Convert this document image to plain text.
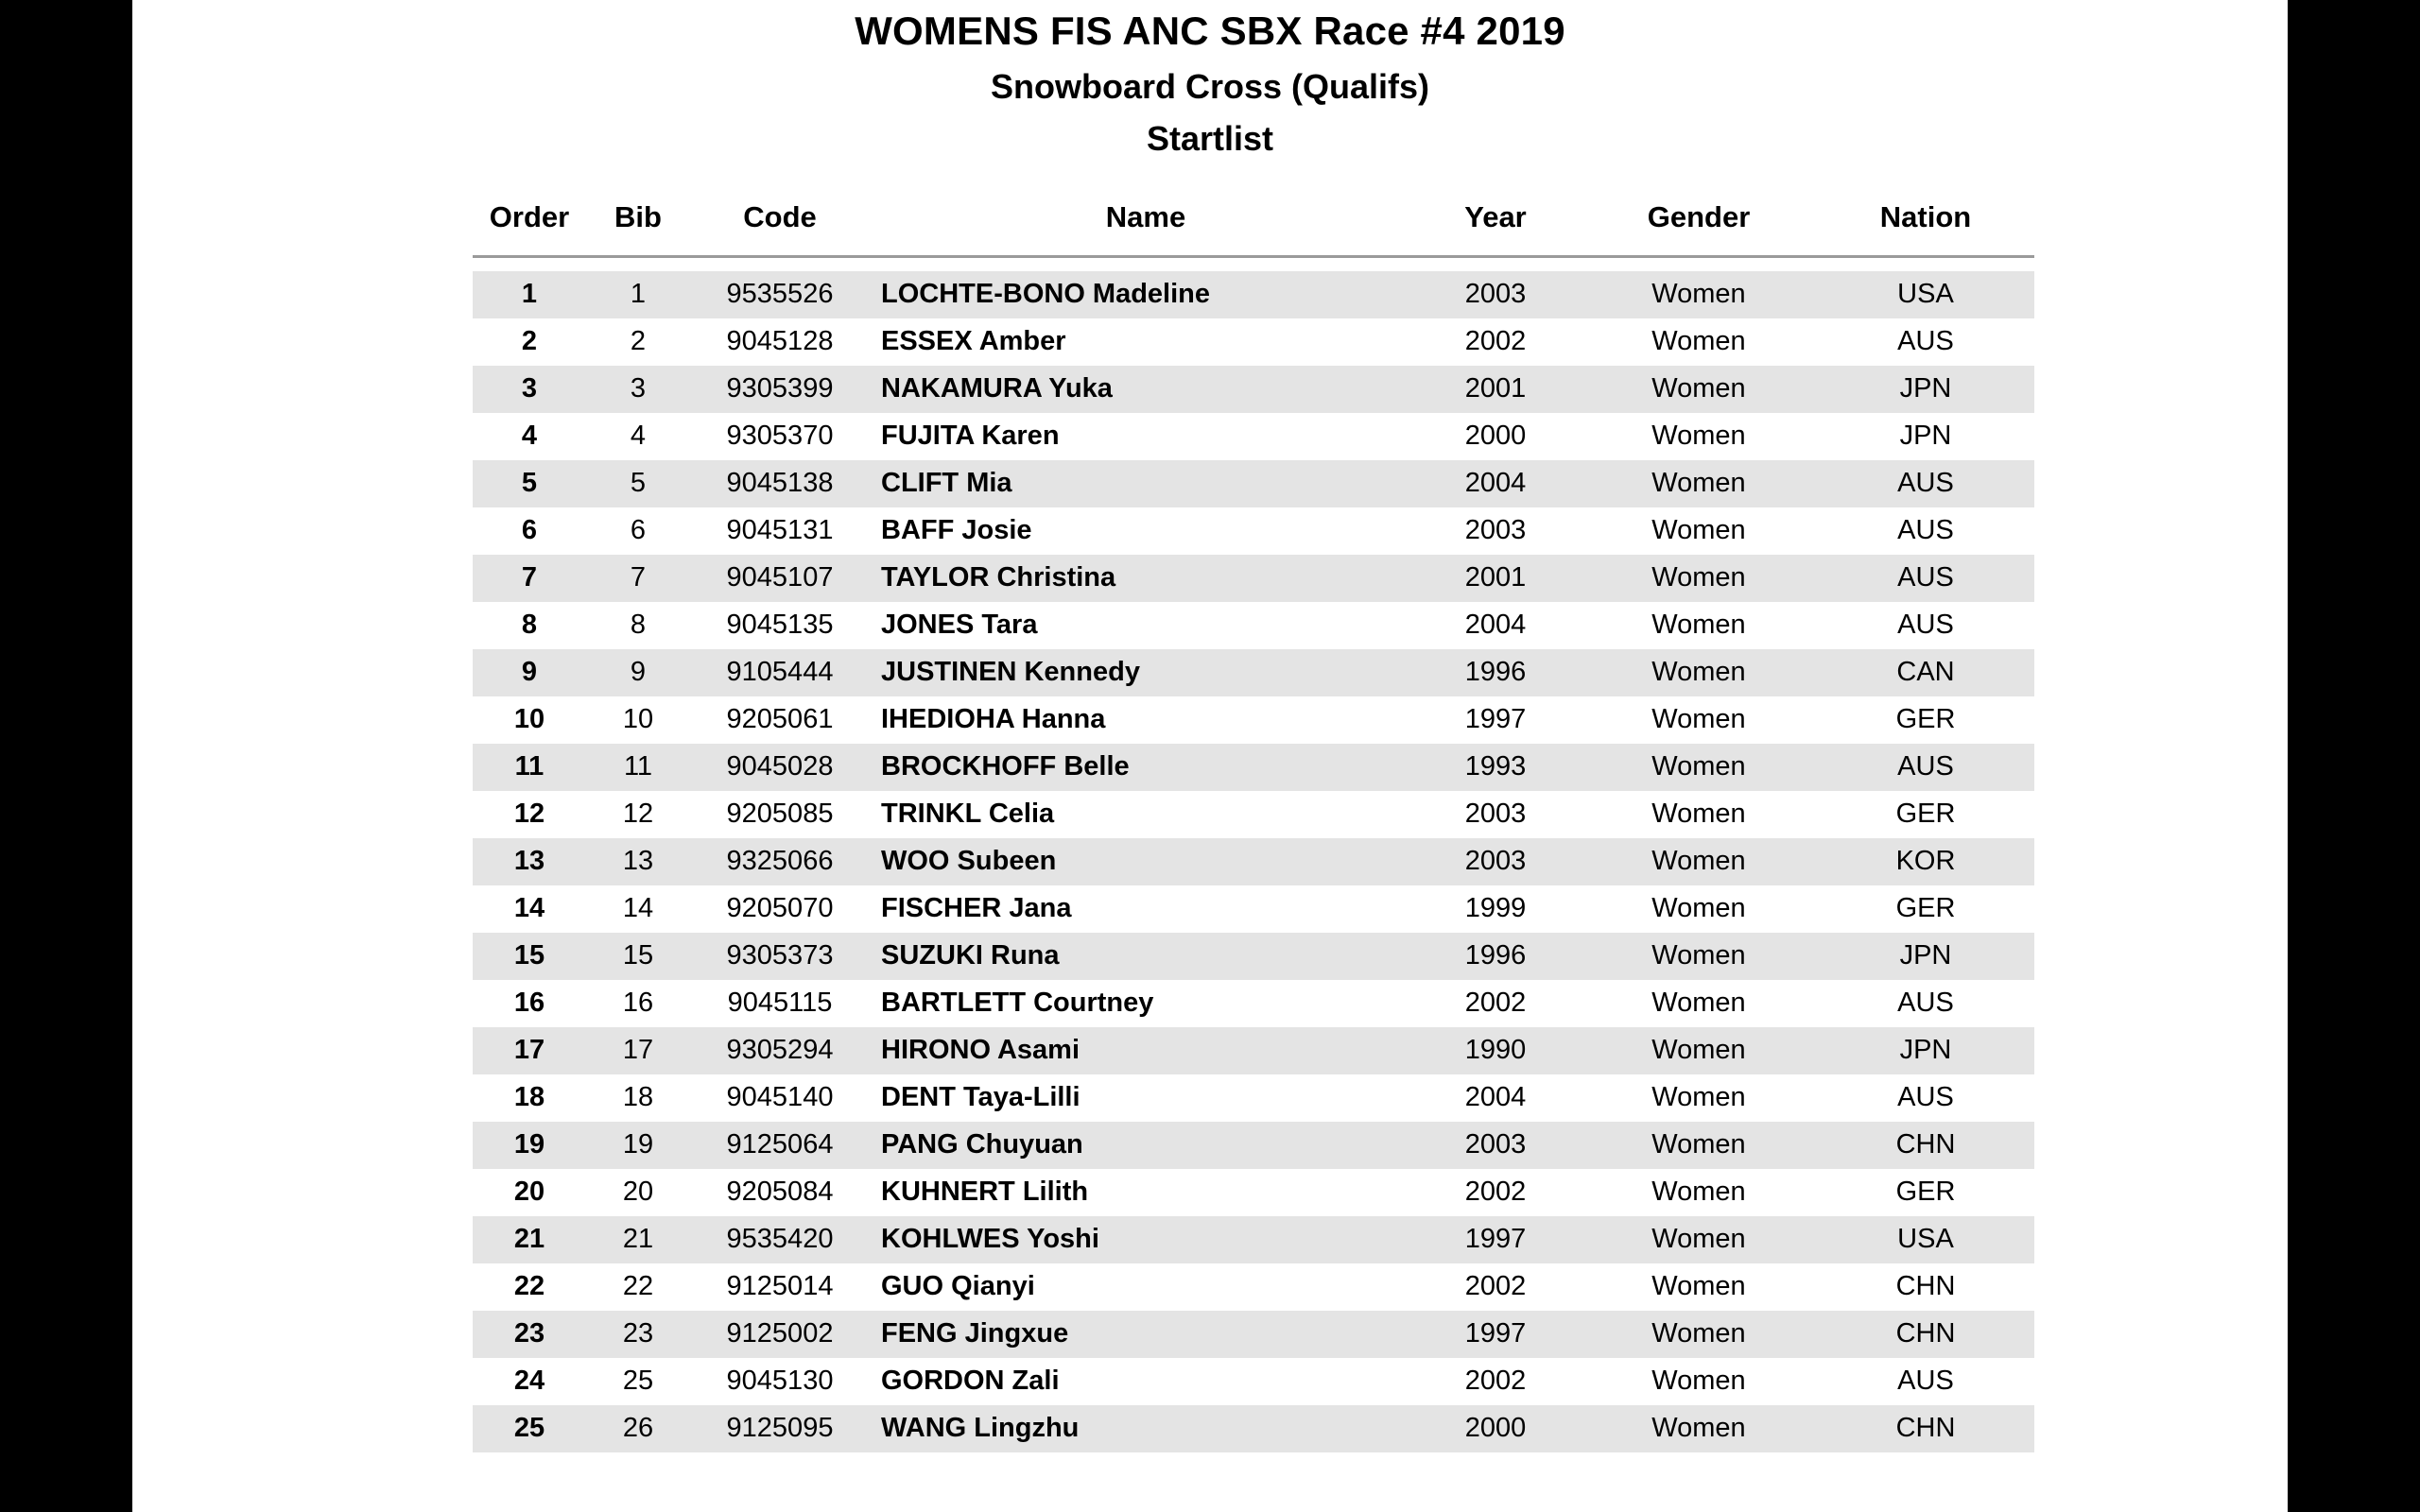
WOMENS FIS ANC SBX Race #4 2019
Snowboard Cross (Qualifs)
Startlist
Order	Bib	Code	Name	Year	Gender	Nation

1	1	9535526	LOCHTE-BONO Madeline	2003	Women	USA
2	2	9045128	ESSEX Amber	2002	Women	AUS
3	3	9305399	NAKAMURA Yuka	2001	Women	JPN
4	4	9305370	FUJITA Karen	2000	Women	JPN
5	5	9045138	CLIFT Mia	2004	Women	AUS
6	6	9045131	BAFF Josie	2003	Women	AUS
7	7	9045107	TAYLOR Christina	2001	Women	AUS
8	8	9045135	JONES Tara	2004	Women	AUS
9	9	9105444	JUSTINEN Kennedy	1996	Women	CAN
10	10	9205061	IHEDIOHA Hanna	1997	Women	GER
11	11	9045028	BROCKHOFF Belle	1993	Women	AUS
12	12	9205085	TRINKL Celia	2003	Women	GER
13	13	9325066	WOO Subeen	2003	Women	KOR
14	14	9205070	FISCHER Jana	1999	Women	GER
15	15	9305373	SUZUKI Runa	1996	Women	JPN
16	16	9045115	BARTLETT Courtney	2002	Women	AUS
17	17	9305294	HIRONO Asami	1990	Women	JPN
18	18	9045140	DENT Taya-Lilli	2004	Women	AUS
19	19	9125064	PANG Chuyuan	2003	Women	CHN
20	20	9205084	KUHNERT Lilith	2002	Women	GER
21	21	9535420	KOHLWES Yoshi	1997	Women	USA
22	22	9125014	GUO Qianyi	2002	Women	CHN
23	23	9125002	FENG Jingxue	1997	Women	CHN
24	25	9045130	GORDON Zali	2002	Women	AUS
25	26	9125095	WANG Lingzhu	2000	Women	CHN
